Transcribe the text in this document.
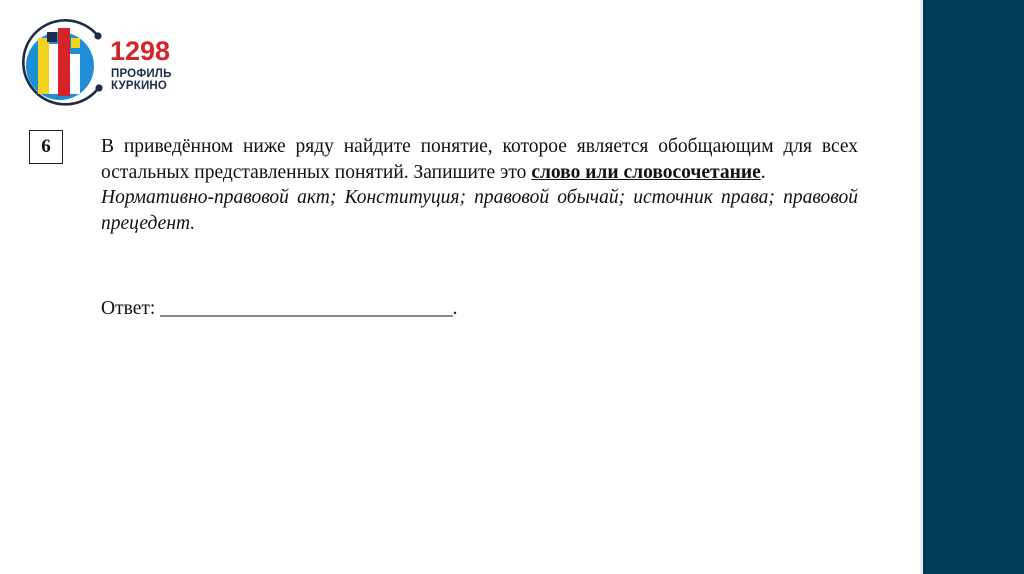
1298
ПРОФИЛЬ
КУРКИНО
6	В приведённом ниже ряду найдите понятие, которое является обобщающим для всех остальных представленных понятий. Запишите это слово или словосочетание.

Нормативно-правовой акт; Конституция; правовой обычай; источник права; правовой прецедент.

Ответ: ______________________________.
